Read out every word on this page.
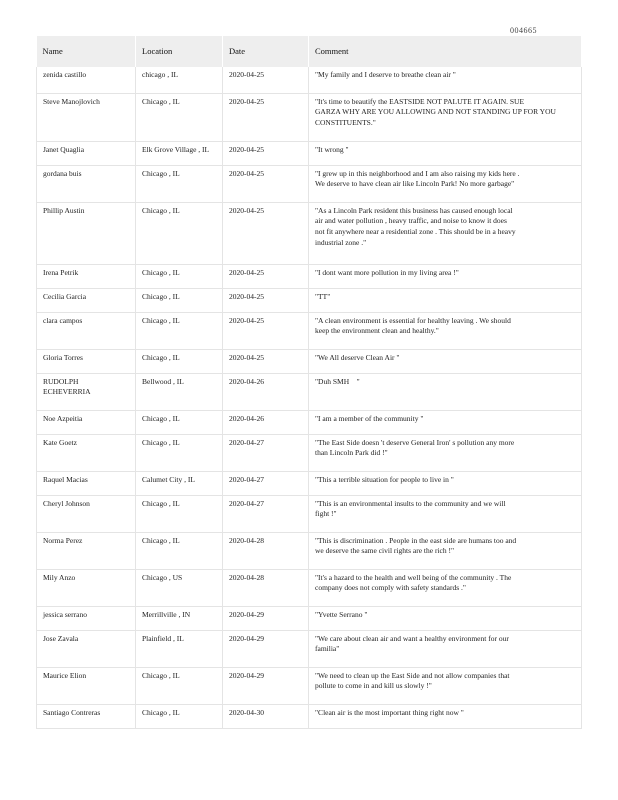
004665
Name	Location	Date	Comment
zenida castillo	chicago , IL	2020-04-25	"My family and I deserve to breathe clean air "
Steve Manojlovich	Chicago , IL	2020-04-25	"It's time to beautify the EASTSIDE NOT PALUTE IT AGAIN. SUE
GARZA WHY ARE YOU ALLOWING AND NOT STANDING UP FOR YOU
CONSTITUENTS."
Janet Quaglia	Elk Grove Village , IL	2020-04-25	"It wrong "
gordana buis	Chicago , IL	2020-04-25	"I grew up in this neighborhood and I am also raising my kids here .
We deserve to have clean air like Lincoln Park! No more garbage"
Phillip Austin	Chicago , IL	2020-04-25	"As a Lincoln Park resident this business has caused enough local
air and water pollution , heavy traffic, and noise to know it does
not fit anywhere near a residential zone . This should be in a heavy
industrial zone ."
Irena Petrik	Chicago , IL	2020-04-25	"I dont want more pollution in my living area !"
Cecilia Garcia	Chicago , IL	2020-04-25	"TT"
clara campos	Chicago , IL	2020-04-25	"A clean environment is essential for healthy leaving . We should
keep the environment clean and healthy."
Gloria Torres	Chicago , IL	2020-04-25	"We All deserve Clean Air "
RUDOLPH
ECHEVERRIA	Bellwood , IL	2020-04-26	"Duh SMH    "
Noe Azpeitia	Chicago , IL	2020-04-26	"I am a member of the community "
Kate Goetz	Chicago , IL	2020-04-27	"The East Side doesn 't deserve General Iron' s pollution any more
than Lincoln Park did !"
Raquel Macias	Calumet City , IL	2020-04-27	"This a terrible situation for people to live in "
Cheryl Johnson	Chicago , IL	2020-04-27	"This is an environmental insults to the community and we will
fight !"
Norma Perez	Chicago , IL	2020-04-28	"This is discrimination . People in the east side are humans too and
we deserve the same civil rights are the rich !"
Mily Anzo	Chicago , US	2020-04-28	"It's a hazard to the health and well being of the community . The
company does not comply with safety standards ."
jessica serrano	Merrillville , IN	2020-04-29	"Yvette Serrano "
Jose Zavala	Plainfield , IL	2020-04-29	"We care about clean air and want a healthy environment for our
familia"
Maurice Elion	Chicago , IL	2020-04-29	"We need to clean up the East Side and not allow companies that
pollute to come in and kill us slowly !"
Santiago Contreras	Chicago , IL	2020-04-30	"Clean air is the most important thing right now "
